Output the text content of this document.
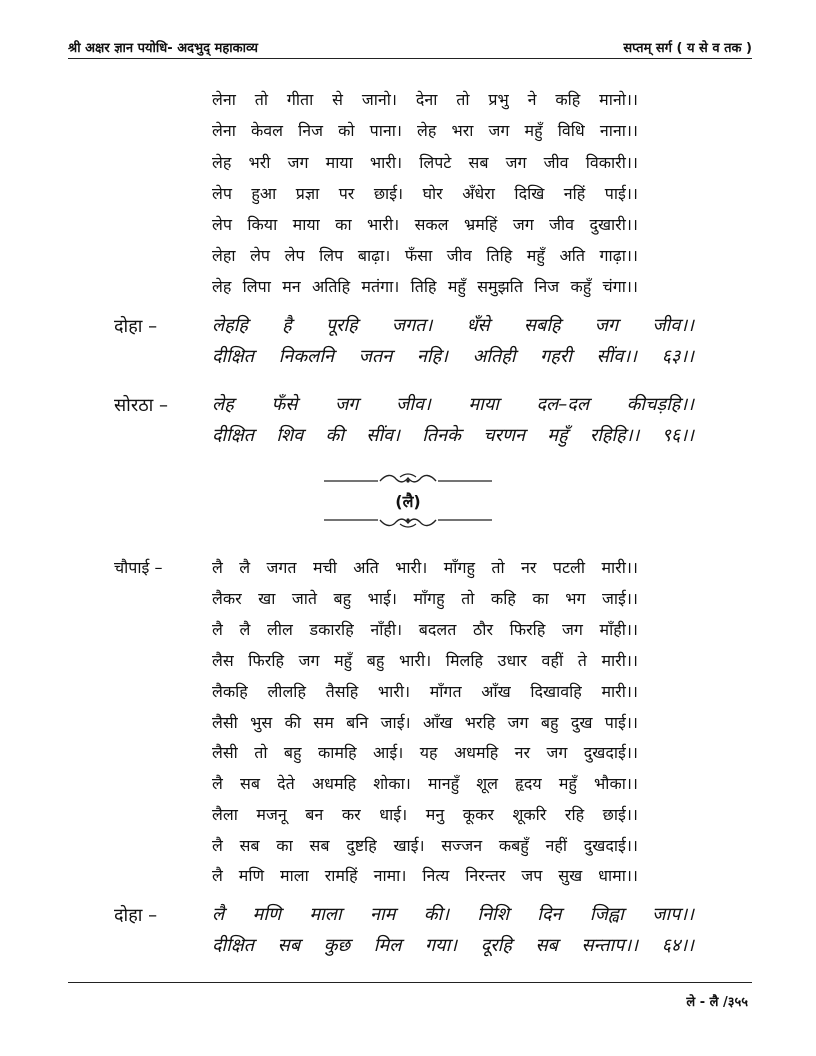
श्री अक्षर ज्ञान पयोधि- अदभुद् महाकाव्य	सप्तम् सर्ग ( य से व तक )
लेना तो गीता से जानो। देना तो प्रभु ने कहि मानो।।
लेना केवल निज को पाना। लेह भरा जग महुँ विधि नाना।।
लेह भरी जग माया भारी। लिपटे सब जग जीव विकारी।।
लेप हुआ प्रज्ञा पर छाई। घोर अँधेरा दिखि नहिं पाई।।
लेप किया माया का भारी। सकल भ्रमहिं जग जीव दुखारी।।
लेहा लेप लेप लिप बाढ़ा। फँसा जीव तिहि महुँ अति गाढ़ा।।
लेह लिपा मन अतिहि मतंगा। तिहि महुँ समुझति निज कहुँ चंगा।।
दोहा –	लेहहि है पूरहि जगत। धँसे सबहि जग जीव।।
दीक्षित निकलनि जतन नहि। अतिही गहरी सींव।। ६३।।
सोरठा – लेह फँसे जग जीव। माया दल–दल कीचड़हि।।
दीक्षित शिव की सींव। तिनके चरणन महुँ रहिहि।। ९६।।
(लै)
चौपाई –	लै लै जगत मची अति भारी। माँगहु तो नर पटली मारी।।
लैकर खा जाते बहु भाई। माँगहु तो कहि का भग जाई।।
लै लै लील डकारहि नाँही। बदलत ठौर फिरहि जग माँही।।
लैस फिरहि जग महुँ बहु भारी। मिलहि उधार वहीं ते मारी।।
लैकहि लीलहि तैसहि भारी। माँगत आँख दिखावहि मारी।।
लैसी भुस की सम बनि जाई। आँख भरहि जग बहु दुख पाई।।
लैसी तो बहु कामहि आई। यह अधमहि नर जग दुखदाई।।
लै सब देते अधमहि शोका। मानहुँ शूल हृदय महुँ भौका।।
लैला मजनू बन कर धाई। मनु कूकर शूकरि रहि छाई।।
लै सब का सब दुष्टहि खाई। सज्जन कबहुँ नहीं दुखदाई।।
लै मणि माला रामहिं नामा। नित्य निरन्तर जप सुख धामा।।
दोहा –	लै मणि माला नाम की। निशि दिन जिह्वा जाप।।
दीक्षित सब कुछ मिल गया। दूरहि सब सन्ताप।। ६४।।
ले - लै /३५५
